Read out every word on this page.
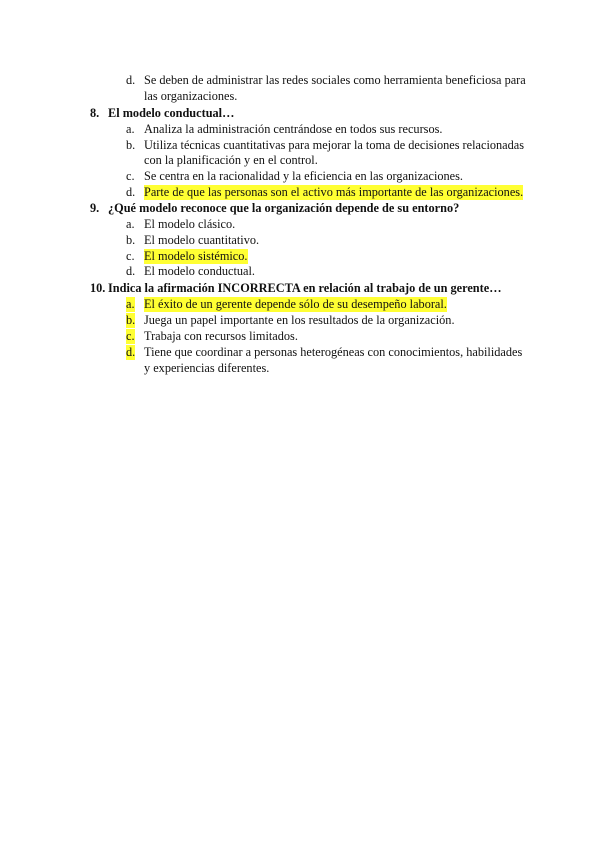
d. Se deben de administrar las redes sociales como herramienta beneficiosa para
las organizaciones.
8. El modelo conductual…
a. Analiza la administración centrándose en todos sus recursos.
b. Utiliza técnicas cuantitativas para mejorar la toma de decisiones relacionadas
con la planificación y en el control.
c. Se centra en la racionalidad y la eficiencia en las organizaciones.
d. Parte de que las personas son el activo más importante de las organizaciones.
9. ¿Qué modelo reconoce que la organización depende de su entorno?
a. El modelo clásico.
b. El modelo cuantitativo.
c. El modelo sistémico.
d. El modelo conductual.
10. Indica la afirmación INCORRECTA en relación al trabajo de un gerente…
a. El éxito de un gerente depende sólo de su desempeño laboral.
b. Juega un papel importante en los resultados de la organización.
c. Trabaja con recursos limitados.
d. Tiene que coordinar a personas heterogéneas con conocimientos, habilidades
y experiencias diferentes.
